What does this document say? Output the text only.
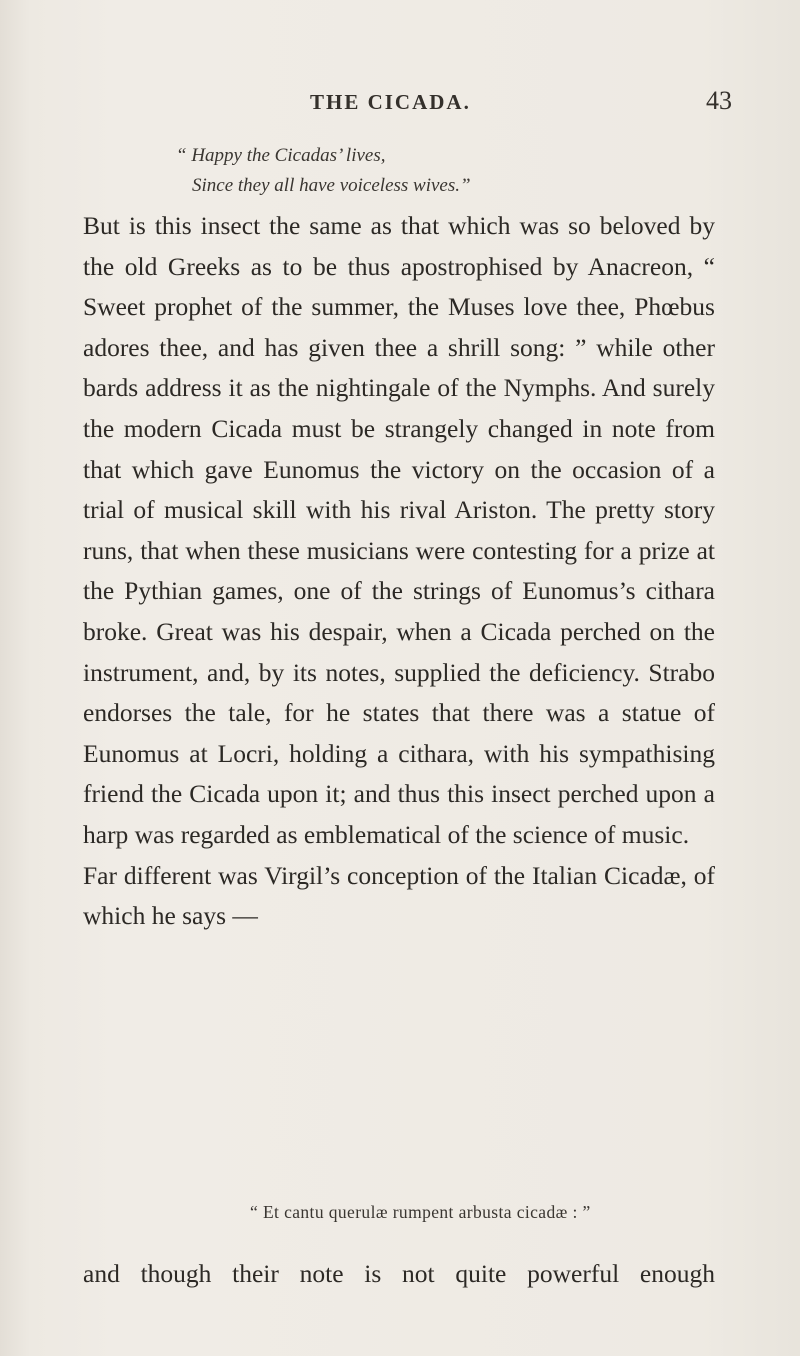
THE CICADA.	43
“ Happy the Cicadas’ lives,
Since they all have voiceless wives.”

But is this insect the same as that which was so beloved by the old Greeks as to be thus apostrophised by Anacreon, “ Sweet prophet of the summer, the Muses love thee, Phœbus adores thee, and has given thee a shrill song: ” while other bards address it as the nightingale of the Nymphs. And surely the modern Cicada must be strangely changed in note from that which gave Eunomus the victory on the occasion of a trial of musical skill with his rival Ariston. The pretty story runs, that when these musicians were contesting for a prize at the Pythian games, one of the strings of Eunomus’s cithara broke. Great was his despair, when a Cicada perched on the instrument, and, by its notes, supplied the deficiency. Strabo endorses the tale, for he states that there was a statue of Eunomus at Locri, holding a cithara, with his sympathising friend the Cicada upon it; and thus this insect perched upon a harp was regarded as emblematical of the science of music.

Far different was Virgil’s conception of the Italian Cicadæ, of which he says —

“ Et cantu querulæ rumpent arbusta cicadæ : ”
and though their note is not quite powerful enough
